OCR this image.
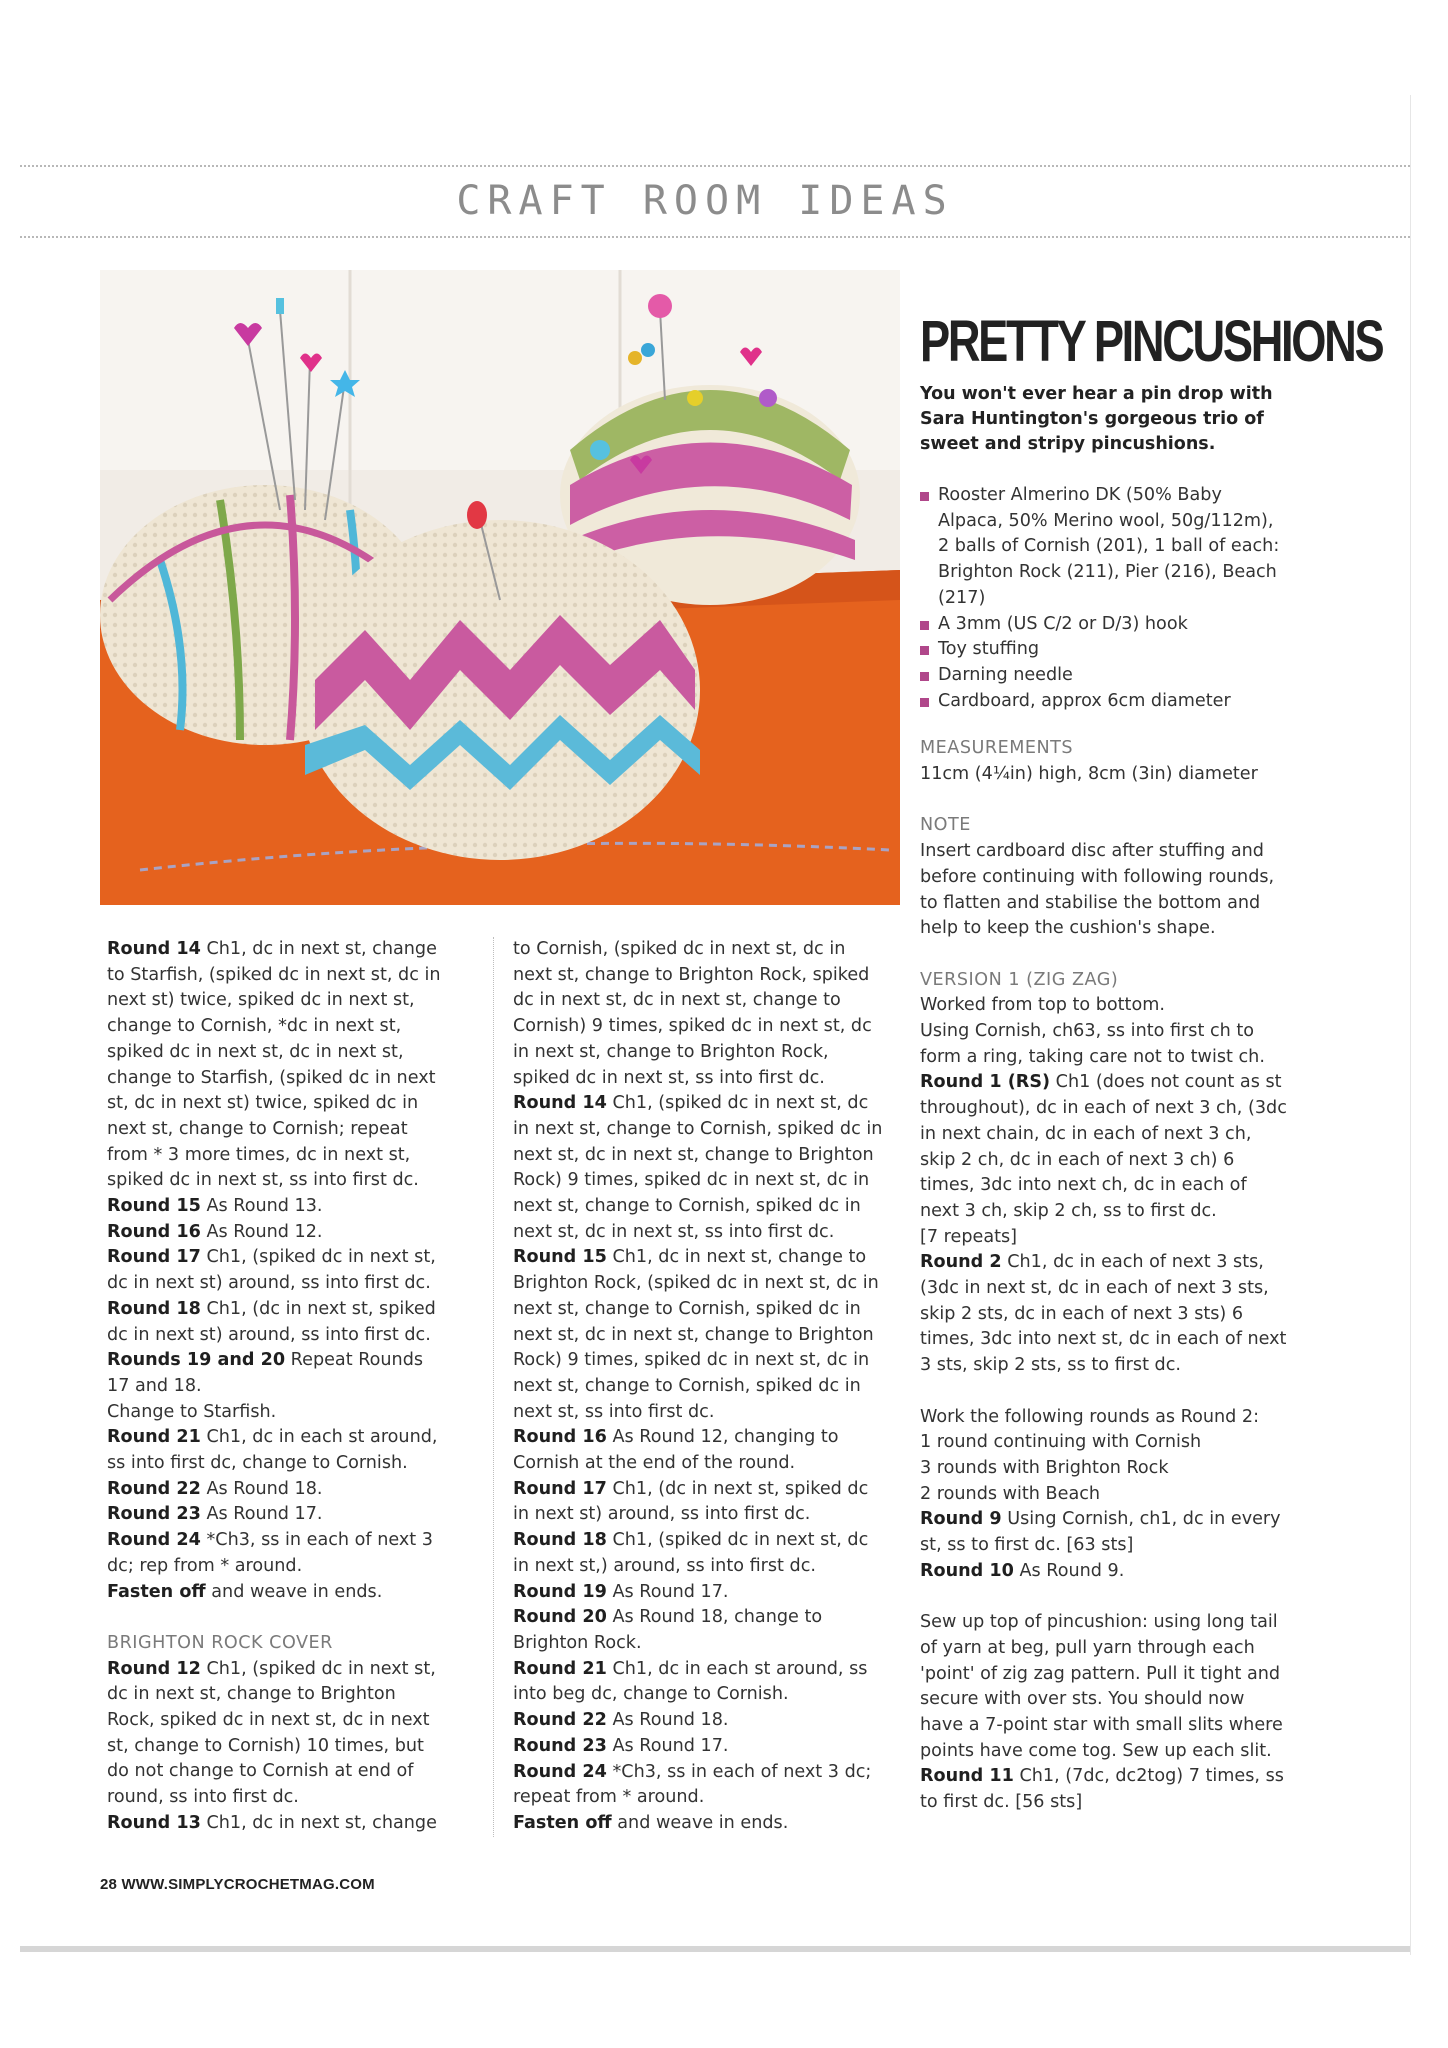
CRAFT ROOM IDEAS

Round 14 Ch1, dc in next st, change to Starfish, (spiked dc in next st, dc in next st) twice, spiked dc in next st, change to Cornish, *dc in next st, spiked dc in next st, dc in next st, change to Starfish, (spiked dc in next st, dc in next st) twice, spiked dc in next st, change to Cornish; repeat from * 3 more times, dc in next st, spiked dc in next st, ss into first dc.

Round 15 As Round 13.

Round 16 As Round 12.

Round 17 Ch1, (spiked dc in next st, dc in next st) around, ss into first dc.

Round 18 Ch1, (dc in next st, spiked dc in next st) around, ss into first dc.

Rounds 19 and 20 Repeat Rounds 17 and 18.

Change to Starfish.

Round 21 Ch1, dc in each st around, ss into first dc, change to Cornish.

Round 22 As Round 18.

Round 23 As Round 17.

Round 24 *Ch3, ss in each of next 3 dc; rep from * around.

Fasten off and weave in ends.

BRIGHTON ROCK COVER

Round 12 Ch1, (spiked dc in next st, dc in next st, change to Brighton Rock, spiked dc in next st, dc in next st, change to Cornish) 10 times, but do not change to Cornish at end of round, ss into first dc.

Round 13 Ch1, dc in next st, change

to Cornish, (spiked dc in next st, dc in next st, change to Brighton Rock, spiked dc in next st, dc in next st, change to Cornish) 9 times, spiked dc in next st, dc in next st, change to Brighton Rock, spiked dc in next st, ss into first dc.

Round 14 Ch1, (spiked dc in next st, dc in next st, change to Cornish, spiked dc in next st, dc in next st, change to Brighton Rock) 9 times, spiked dc in next st, dc in next st, change to Cornish, spiked dc in next st, dc in next st, ss into first dc.

Round 15 Ch1, dc in next st, change to Brighton Rock, (spiked dc in next st, dc in next st, change to Cornish, spiked dc in next st, dc in next st, change to Brighton Rock) 9 times, spiked dc in next st, dc in next st, change to Cornish, spiked dc in next st, ss into first dc.

Round 16 As Round 12, changing to Cornish at the end of the round.

Round 17 Ch1, (dc in next st, spiked dc in next st) around, ss into first dc.

Round 18 Ch1, (spiked dc in next st, dc in next st,) around, ss into first dc.

Round 19 As Round 17.

Round 20 As Round 18, change to Brighton Rock.

Round 21 Ch1, dc in each st around, ss into beg dc, change to Cornish.

Round 22 As Round 18.

Round 23 As Round 17.

Round 24 *Ch3, ss in each of next 3 dc; repeat from * around.

Fasten off and weave in ends.

PRETTY PINCUSHIONS

You won't ever hear a pin drop with Sara Huntington's gorgeous trio of sweet and stripy pincushions.

Rooster Almerino DK (50% Baby Alpaca, 50% Merino wool, 50g/112m), 2 balls of Cornish (201), 1 ball of each: Brighton Rock (211), Pier (216), Beach (217)
A 3mm (US C/2 or D/3) hook
Toy stuffing
Darning needle
Cardboard, approx 6cm diameter

MEASUREMENTS

11cm (4¼in) high, 8cm (3in) diameter

NOTE

Insert cardboard disc after stuffing and before continuing with following rounds, to flatten and stabilise the bottom and help to keep the cushion's shape.

VERSION 1 (ZIG ZAG)

Worked from top to bottom.

Using Cornish, ch63, ss into first ch to form a ring, taking care not to twist ch.

Round 1 (RS) Ch1 (does not count as st throughout), dc in each of next 3 ch, (3dc in next chain, dc in each of next 3 ch, skip 2 ch, dc in each of next 3 ch) 6 times, 3dc into next ch, dc in each of next 3 ch, skip 2 ch, ss to first dc.

[7 repeats]

Round 2 Ch1, dc in each of next 3 sts, (3dc in next st, dc in each of next 3 sts, skip 2 sts, dc in each of next 3 sts) 6 times, 3dc into next st, dc in each of next 3 sts, skip 2 sts, ss to first dc.

Work the following rounds as Round 2:

1 round continuing with Cornish

3 rounds with Brighton Rock

2 rounds with Beach

Round 9 Using Cornish, ch1, dc in every st, ss to first dc. [63 sts]

Round 10 As Round 9.

Sew up top of pincushion: using long tail of yarn at beg, pull yarn through each 'point' of zig zag pattern. Pull it tight and secure with over sts. You should now have a 7-point star with small slits where points have come tog. Sew up each slit.

Round 11 Ch1, (7dc, dc2tog) 7 times, ss to first dc. [56 sts]

28 WWW.SIMPLYCROCHETMAG.COM
